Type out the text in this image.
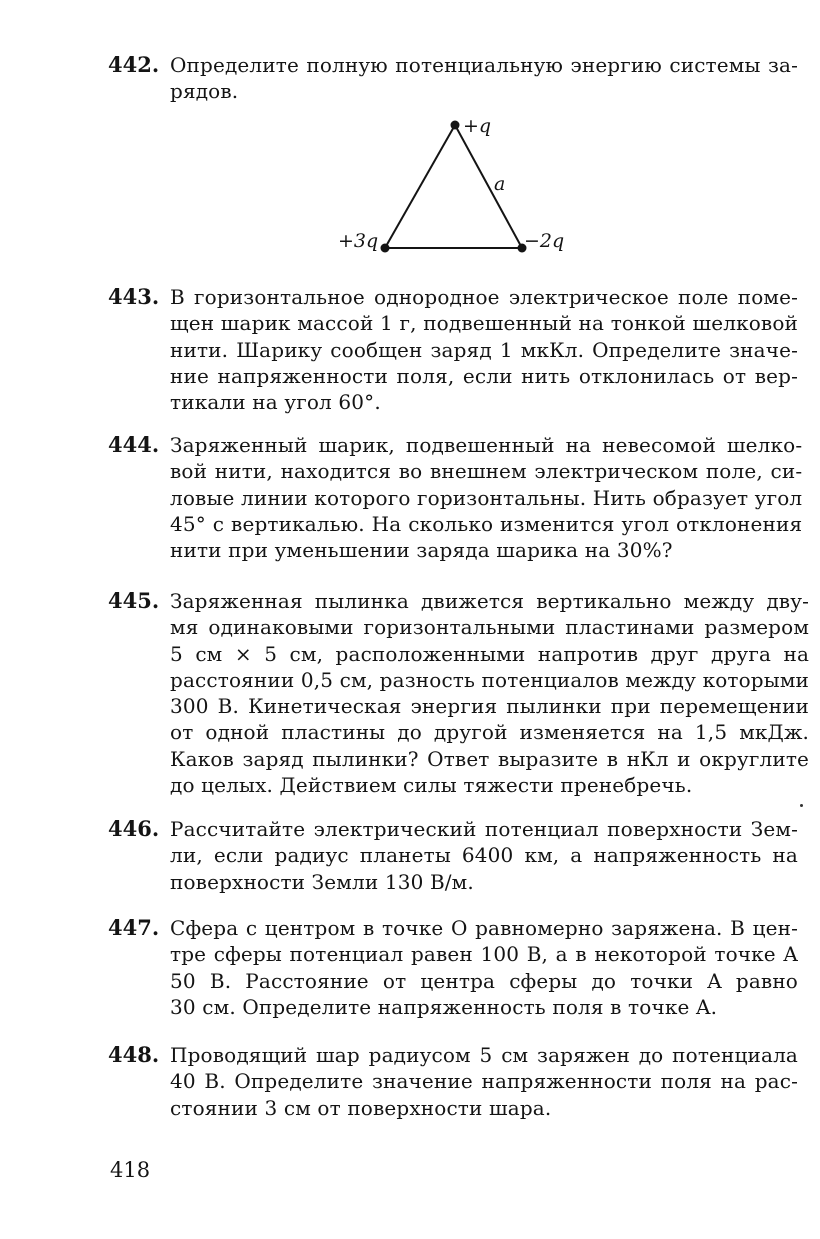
442. Определите полную потенциальную энергию системы за-
рядов.
+q
a
+3q	−2q
443. В горизонтальное однородное электрическое поле поме-
щен шарик массой 1 г, подвешенный на тонкой шелковой
нити. Шарику сообщен заряд 1 мкКл. Определите значе-
ние напряженности поля, если нить отклонилась от вер-
тикали на угол 60°.
444. Заряженный шарик, подвешенный на невесомой шелко-
вой нити, находится во внешнем электрическом поле, си-
ловые линии которого горизонтальны. Нить образует угол
45° с вертикалью. На сколько изменится угол отклонения
нити при уменьшении заряда шарика на 30%?
445. Заряженная пылинка движется вертикально между дву-
мя одинаковыми горизонтальными пластинами размером
5 см × 5 см, расположенными напротив друг друга на
расстоянии 0,5 см, разность потенциалов между которыми
300 В. Кинетическая энергия пылинки при перемещении
от одной пластины до другой изменяется на 1,5 мкДж.
Каков заряд пылинки? Ответ выразите в нКл и округлите
до целых. Действием силы тяжести пренебречь.
446. Рассчитайте электрический потенциал поверхности Зем-
ли, если радиус планеты 6400 км, а напряженность на
поверхности Земли 130 В/м.
447. Сфера с центром в точке O равномерно заряжена. В цен-
тре сферы потенциал равен 100 В, а в некоторой точке A
50 В. Расстояние от центра сферы до точки A равно
30 см. Определите напряженность поля в точке A.
448. Проводящий шар радиусом 5 см заряжен до потенциала
40 В. Определите значение напряженности поля на рас-
стоянии 3 см от поверхности шара.
418
